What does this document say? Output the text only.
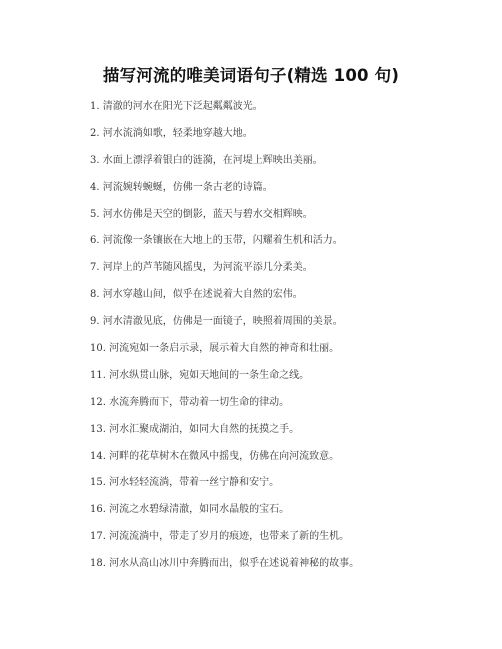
描写河流的唯美词语句子(精选 100 句)
1. 清澈的河水在阳光下泛起粼粼波光。
2. 河水流淌如歌，轻柔地穿越大地。
3. 水面上漂浮着银白的涟漪，在河堤上辉映出美丽。
4. 河流婉转蜿蜒，仿佛一条古老的诗篇。
5. 河水仿佛是天空的倒影，蓝天与碧水交相辉映。
6. 河流像一条镶嵌在大地上的玉带，闪耀着生机和活力。
7. 河岸上的芦苇随风摇曳，为河流平添几分柔美。
8. 河水穿越山间，似乎在述说着大自然的宏伟。
9. 河水清澈见底，仿佛是一面镜子，映照着周围的美景。
10. 河流宛如一条启示录，展示着大自然的神奇和壮丽。
11. 河水纵贯山脉，宛如天地间的一条生命之线。
12. 水流奔腾而下，带动着一切生命的律动。
13. 河水汇聚成湖泊，如同大自然的抚摸之手。
14. 河畔的花草树木在微风中摇曳，仿佛在向河流致意。
15. 河水轻轻流淌，带着一丝宁静和安宁。
16. 河流之水碧绿清澈，如同水晶般的宝石。
17. 河流流淌中，带走了岁月的痕迹，也带来了新的生机。
18. 河水从高山冰川中奔腾而出，似乎在述说着神秘的故事。
